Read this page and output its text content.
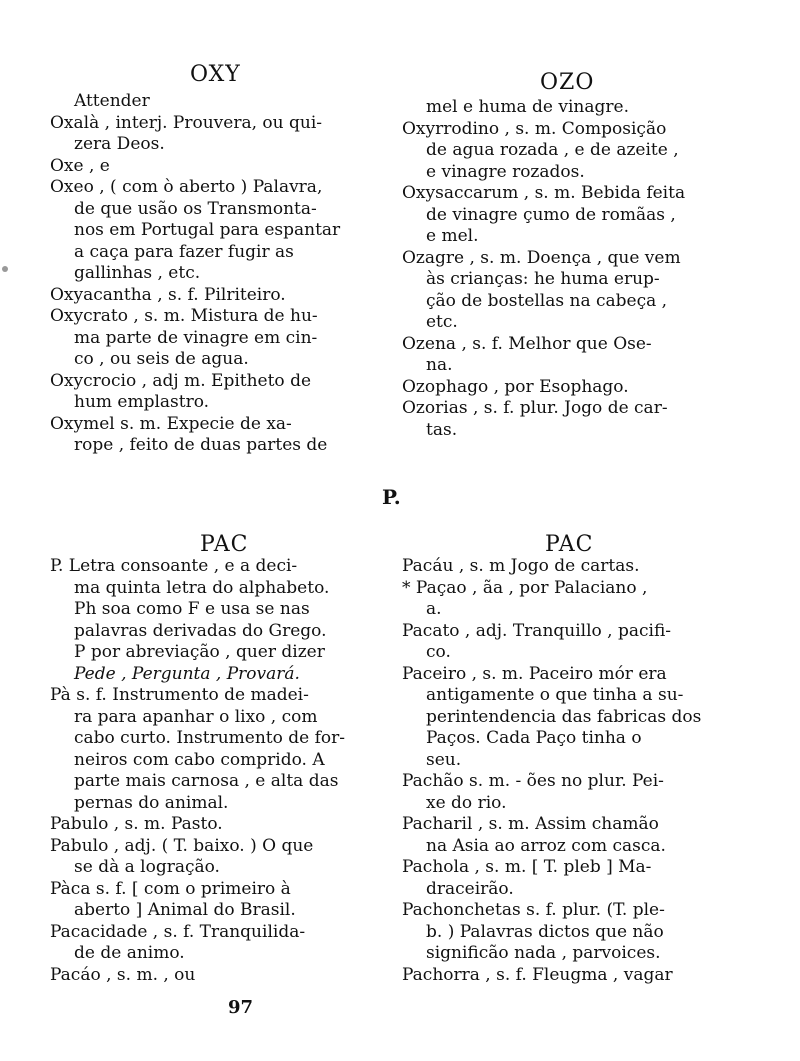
OXY
Attender
Oxalà , interj. Prouvera, ou qui-
zera Deos.
Oxe , e
Oxeo , ( com ò aberto ) Palavra,
de que usão os Transmonta-
nos em Portugal para espantar
a caça para fazer fugir as
gallinhas , etc.
Oxyacantha , s. f. Pilriteiro.
Oxycrato , s. m. Mistura de hu-
ma parte de vinagre em cin-
co , ou seis de agua.
Oxycrocio , adj m. Epitheto de
hum emplastro.
Oxymel s. m. Expecie de xa-
rope , feito de duas partes de
OZO
mel e huma de vinagre.
Oxyrrodino , s. m. Composição
de agua rozada , e de azeite ,
e vinagre rozados.
Oxysaccarum , s. m. Bebida feita
de vinagre çumo de romãas ,
e mel.
Ozagre , s. m. Doença , que vem
às crianças: he huma erup-
ção de bostellas na cabeça ,
etc.
Ozena , s. f. Melhor que Ose-
na.
Ozophago , por Esophago.
Ozorias , s. f. plur. Jogo de car-
tas.
P.
PAC
P. Letra consoante , e a deci-
ma quinta letra do alphabeto.
Ph soa como F e usa se nas
palavras derivadas do Grego.
P por abreviação , quer dizer
Pede , Pergunta , Provará.
Pà s. f. Instrumento de madei-
ra para apanhar o lixo , com
cabo curto. Instrumento de for-
neiros com cabo comprido. A
parte mais carnosa , e alta das
pernas do animal.
Pabulo , s. m. Pasto.
Pabulo , adj. ( T. baixo. ) O que
se dà a logração.
Pàca s. f. [ com o primeiro à
aberto ] Animal do Brasil.
Pacacidade , s. f. Tranquilida-
de de animo.
Pacáo , s. m. , ou
PAC
Pacáu , s. m Jogo de cartas.
* Paçao , ãa , por Palaciano ,
a.
Pacato , adj. Tranquillo , pacifi-
co.
Paceiro , s. m. Paceiro mór era
antigamente o que tinha a su-
perintendencia das fabricas dos
Paços. Cada Paço tinha o
seu.
Pachão s. m. - ões no plur. Pei-
xe do rio.
Pacharil , s. m. Assim chamão
na Asia ao arroz com casca.
Pachola , s. m. [ T. pleb ] Ma-
draceirão.
Pachonchetas s. f. plur. (T. ple-
b. ) Palavras dictos que não
significão nada , parvoices.
Pachorra , s. f. Fleugma , vagar
97
